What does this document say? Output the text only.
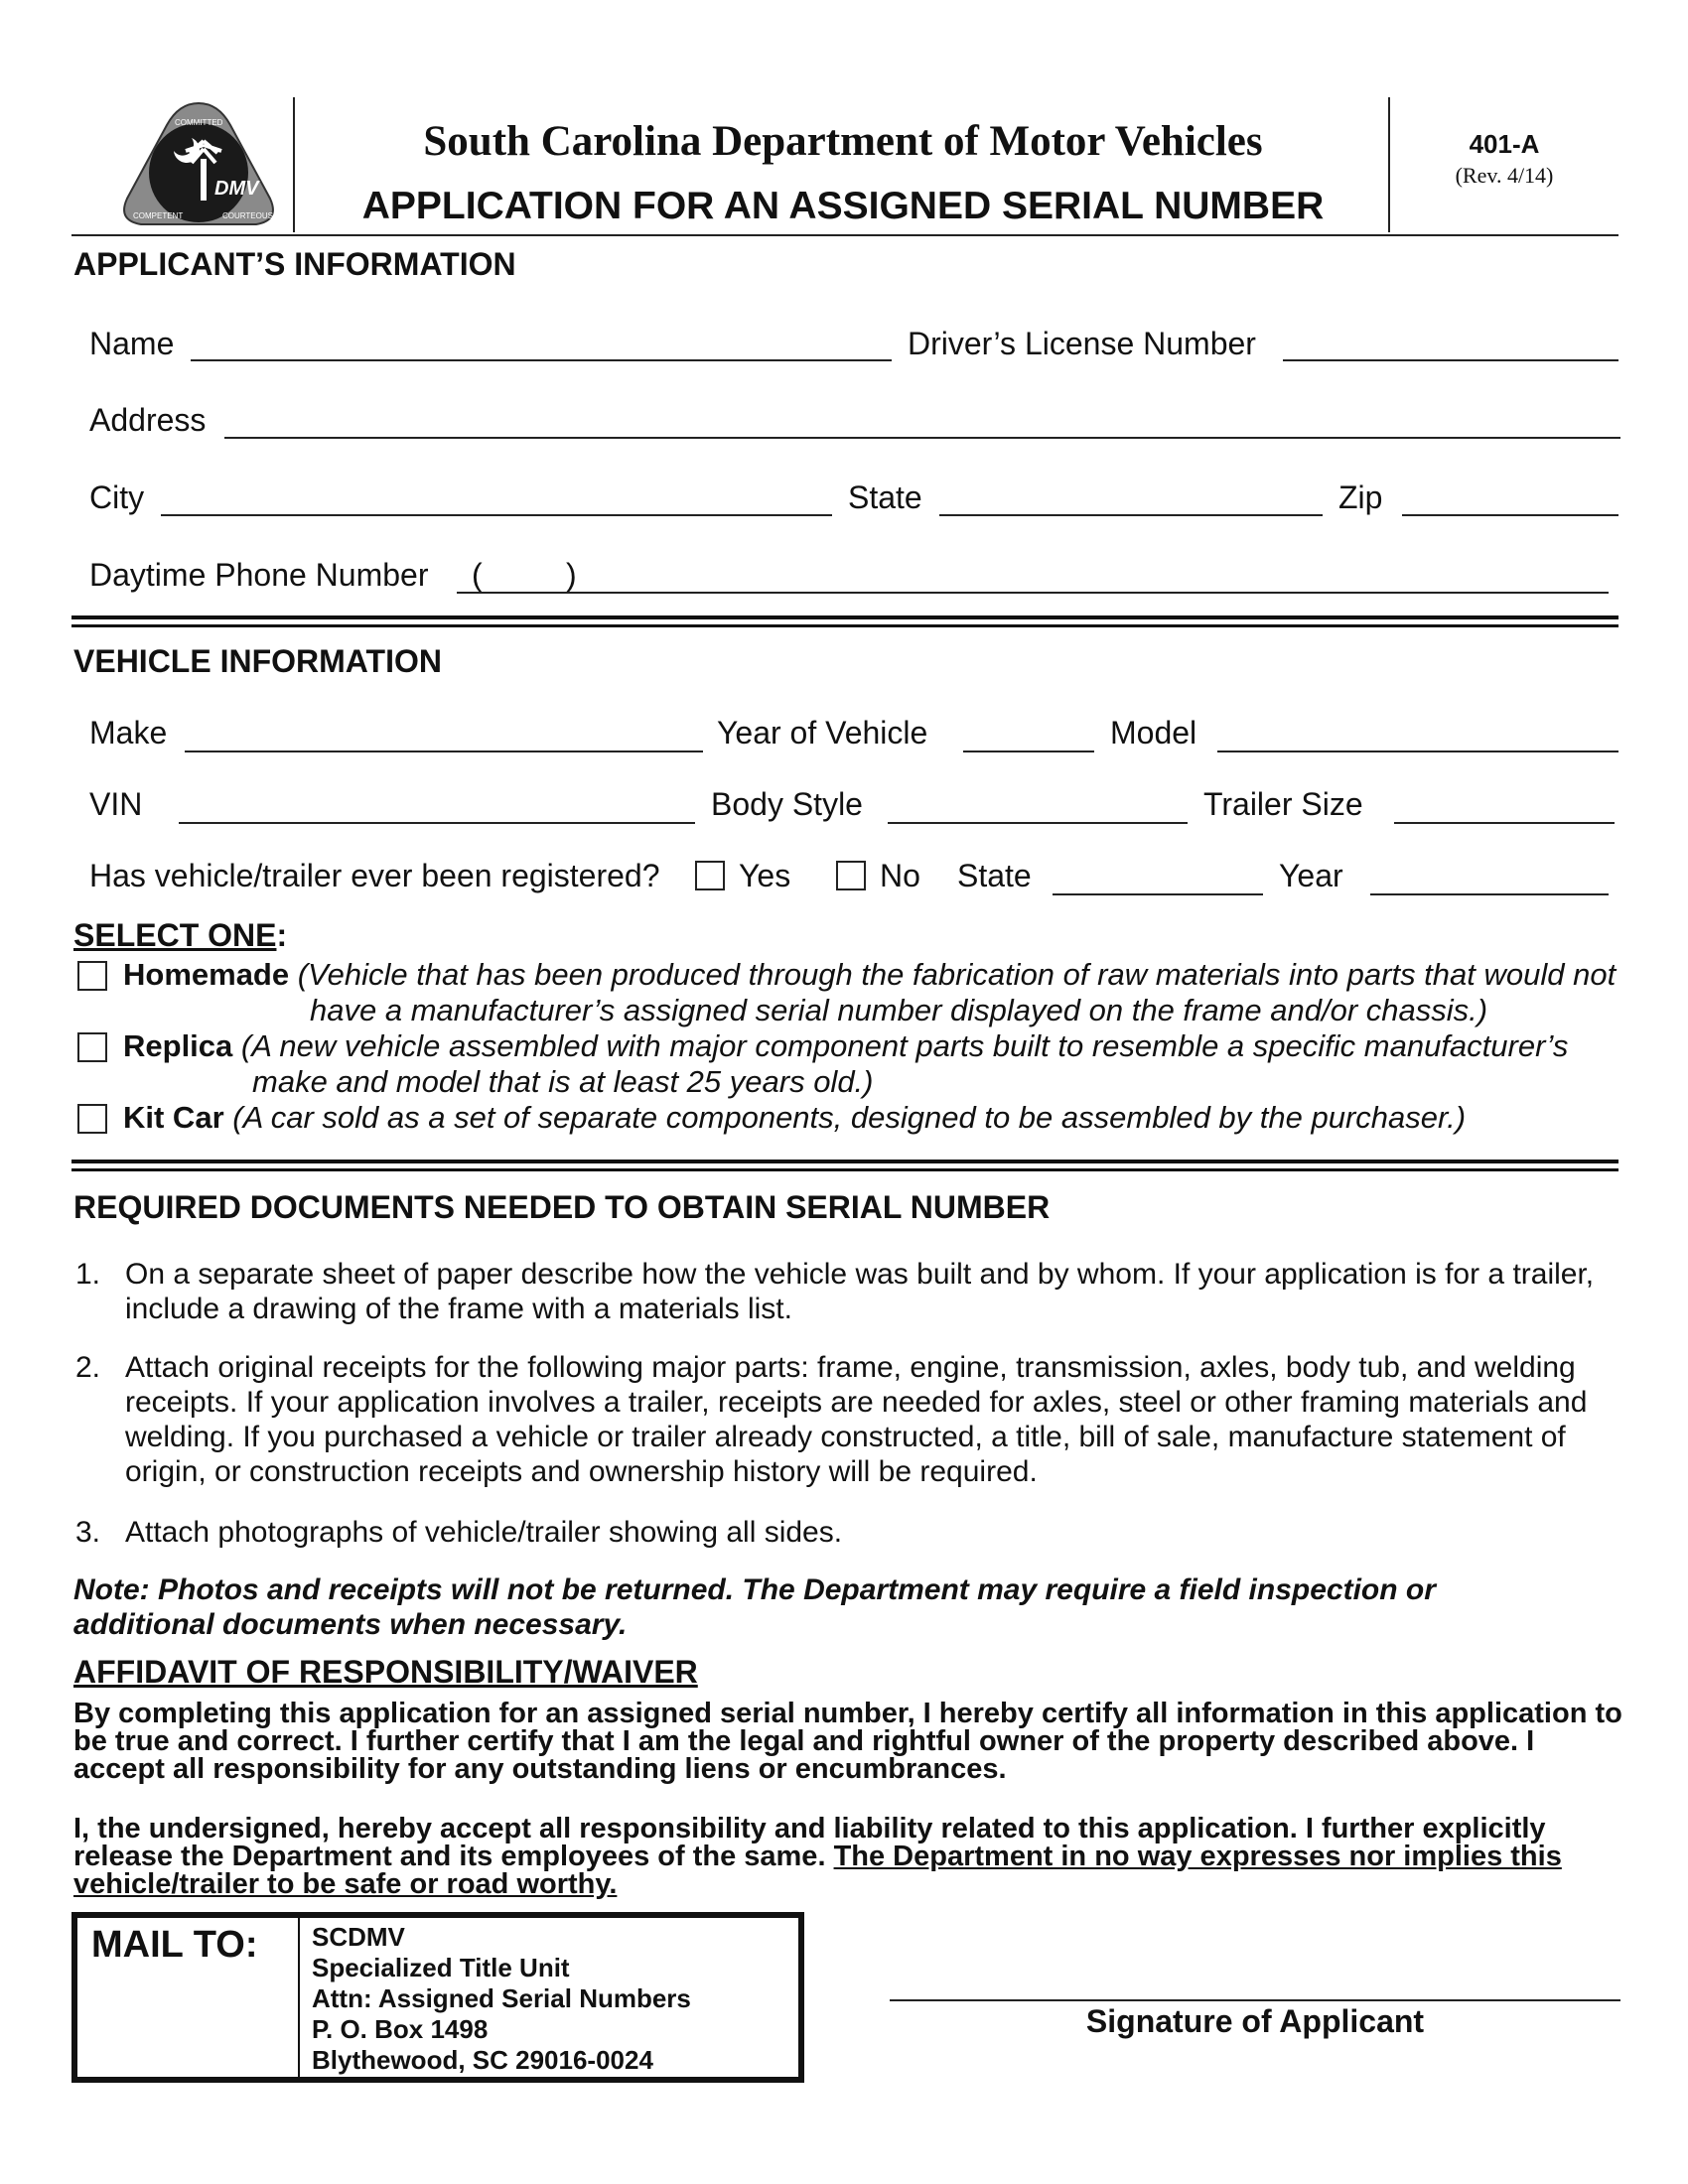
DMV
COMMITTED
COMPETENT	COURTEOUS
South Carolina Department of Motor Vehicles
APPLICATION FOR AN ASSIGNED SERIAL NUMBER
401-A
(Rev. 4/14)
APPLICANT’S INFORMATION
Name	Driver’s License Number
Address
City	State	Zip
Daytime Phone Number (	)
VEHICLE INFORMATION
Make	Year of Vehicle	Model
VIN	Body Style	Trailer Size
Has vehicle/trailer ever been registered? Yes	No State	Year
SELECT ONE:
Homemade (Vehicle that has been produced through the fabrication of raw materials into parts that would not
have a manufacturer’s assigned serial number displayed on the frame and/or chassis.)
Replica (A new vehicle assembled with major component parts built to resemble a specific manufacturer’s
make and model that is at least 25 years old.)
Kit Car (A car sold as a set of separate components, designed to be assembled by the purchaser.)
REQUIRED DOCUMENTS NEEDED TO OBTAIN SERIAL NUMBER
1. On a separate sheet of paper describe how the vehicle was built and by whom. If your application is for a trailer, include a drawing of the frame with a materials list.
2. Attach original receipts for the following major parts: frame, engine, transmission, axles, body tub, and welding receipts. If your application involves a trailer, receipts are needed for axles, steel or other framing materials and welding. If you purchased a vehicle or trailer already constructed, a title, bill of sale, manufacture statement of origin, or construction receipts and ownership history will be required.
3. Attach photographs of vehicle/trailer showing all sides.
Note: Photos and receipts will not be returned. The Department may require a field inspection or additional documents when necessary.
AFFIDAVIT OF RESPONSIBILITY/WAIVER
By completing this application for an assigned serial number, I hereby certify all information in this application to be true and correct. I further certify that I am the legal and rightful owner of the property described above. I accept all responsibility for any outstanding liens or encumbrances.
I, the undersigned, hereby accept all responsibility and liability related to this application. I further explicitly release the Department and its employees of the same. The Department in no way expresses nor implies this vehicle/trailer to be safe or road worthy.
MAIL TO: SCDMV
Specialized Title Unit
Attn: Assigned Serial Numbers
P. O. Box 1498
Blythewood, SC 29016-0024
Signature of Applicant
